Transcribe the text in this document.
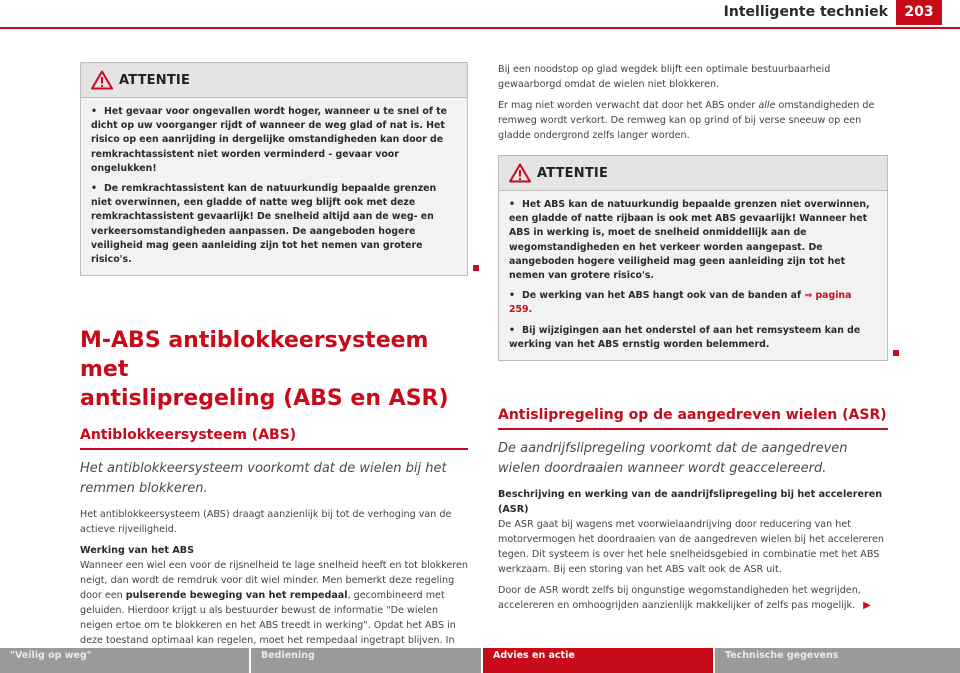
Intelligente techniek	203
ATTENTIE

• Het gevaar voor ongevallen wordt hoger, wanneer u te snel of te dicht op uw voorganger rijdt of wanneer de weg glad of nat is. Het risico op een aanrijding in dergelijke omstandigheden kan door de remkrachtassistent niet worden verminderd - gevaar voor ongelukken!

• De remkrachtassistent kan de natuurkundig bepaalde grenzen niet overwinnen, een gladde of natte weg blijft ook met deze remkrachtassistent gevaarlijk! De snelheid altijd aan de weg- en verkeersomstandigheden aanpassen. De aangeboden hogere veiligheid mag geen aanleiding zijn tot het nemen van grotere risico's.

M-ABS antiblokkeersysteem met
antislipregeling (ABS en ASR)
Antiblokkeersysteem (ABS)

Het antiblokkeersysteem voorkomt dat de wielen bij het remmen blokkeren.

Het antiblokkeersysteem (ABS) draagt aanzienlijk bij tot de verhoging van de actieve rijveiligheid.

Werking van het ABS

Wanneer een wiel een voor de rijsnelheid te lage snelheid heeft en tot blokkeren neigt, dan wordt de remdruk voor dit wiel minder. Men bemerkt deze regeling door een pulserende beweging van het rempedaal, gecombineerd met geluiden. Hierdoor krijgt u als bestuurder bewust de informatie "De wielen neigen ertoe om te blokkeren en het ABS treedt in werking". Opdat het ABS in deze toestand optimaal kan regelen, moet het rempedaal ingetrapt blijven. In

Bij een noodstop op glad wegdek blijft een optimale bestuurbaarheid gewaarborgd omdat de wielen niet blokkeren.

Er mag niet worden verwacht dat door het ABS onder alle omstandigheden de remweg wordt verkort. De remweg kan op grind of bij verse sneeuw op een gladde ondergrond zelfs langer worden.

ATTENTIE

• Het ABS kan de natuurkundig bepaalde grenzen niet overwinnen, een gladde of natte rijbaan is ook met ABS gevaarlijk! Wanneer het ABS in werking is, moet de snelheid onmiddellijk aan de wegomstandigheden en het verkeer worden aangepast. De aangeboden hogere veiligheid mag geen aanleiding zijn tot het nemen van grotere risico's.

• De werking van het ABS hangt ook van de banden af ⇒ pagina 259.

• Bij wijzigingen aan het onderstel of aan het remsysteem kan de werking van het ABS ernstig worden belemmerd.

Antislipregeling op de aangedreven wielen (ASR)

De aandrijfslipregeling voorkomt dat de aangedreven wielen doordraaien wanneer wordt geaccelereerd.

Beschrijving en werking van de aandrijfslipregeling bij het accelereren (ASR)

De ASR gaat bij wagens met voorwielaandrijving door reducering van het motorvermogen het doordraaien van de aangedreven wielen bij het accelereren tegen. Dit systeem is over het hele snelheidsgebied in combinatie met het ABS werkzaam. Bij een storing van het ABS valt ook de ASR uit.

Door de ASR wordt zelfs bij ongunstige wegomstandigheden het wegrijden, accelereren en omhoogrijden aanzienlijk makkelijker of zelfs pas mogelijk. ▶

"Veilig op weg"	Bediening	Advies en actie	Technische gegevens
